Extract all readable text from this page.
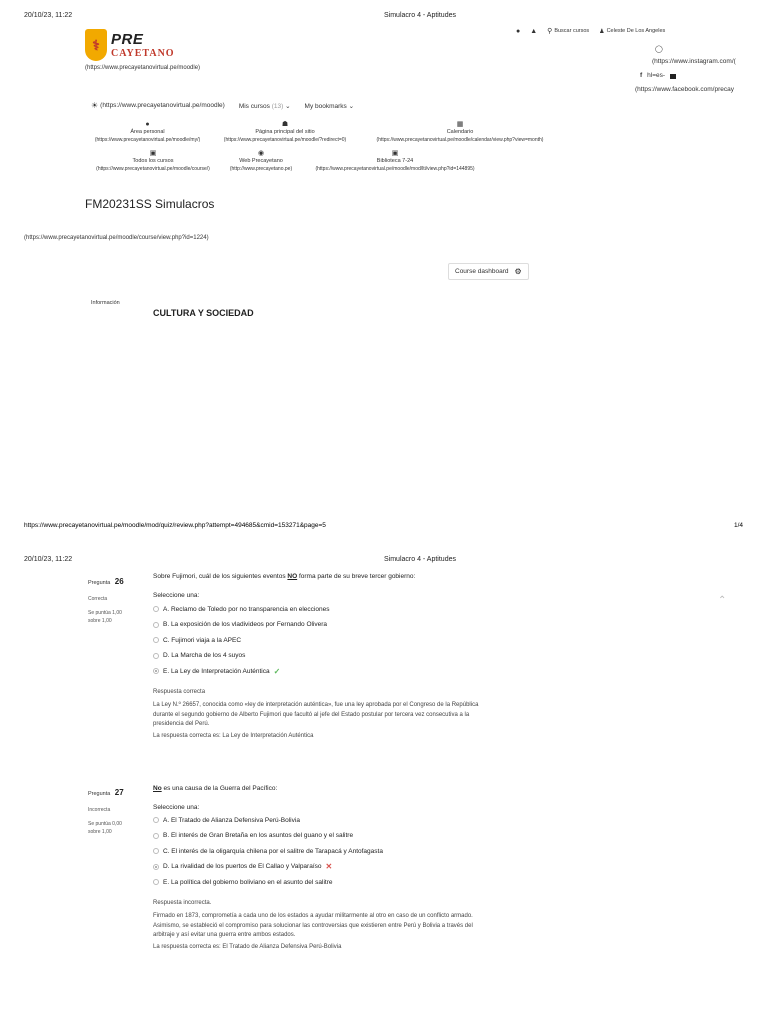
20/10/23, 11:22	Simulacro 4 - Aptitudes
● ▲ ⚲ Buscar cursos ♟ Celeste De Los Angeles
◯
(https://www.instagram.com/(
f hl=es-
(https://www.facebook.com/precay
⚕ PRE
CAYETANO
(https://www.precayetanovirtual.pe/moodle)
☀ (https://www.precayetanovirtual.pe/moodle) Mis cursos (13) ⌄ My bookmarks ⌄
●
Área personal
(https://www.precayetanovirtual.pe/moodle/my/)
☗
Página principal del sitio
(https://www.precayetanovirtual.pe/moodle/?redirect=0)
▦
Calendario
(https://www.precayetanovirtual.pe/moodle/calendar/view.php?view=month)
▣
Todos los cursos
(https://www.precayetanovirtual.pe/moodle/course/)
◉
Web Precayetano
(http://www.precayetano.pe)
▣
Biblioteca 7-24
(https://www.precayetanovirtual.pe/moodle/mod/lti/view.php?id=144895)
FM20231SS Simulacros
(https://www.precayetanovirtual.pe/moodle/course/view.php?id=1224)
Course dashboard ⚙
Información
CULTURA Y SOCIEDAD
https://www.precayetanovirtual.pe/moodle/mod/quiz/review.php?attempt=494685&cmid=153271&page=5	1/4
20/10/23, 11:22	Simulacro 4 - Aptitudes
⌃
Pregunta 26
Correcta
Se puntúa 1,00
sobre 1,00
Sobre Fujimori, cuál de los siguientes eventos NO forma parte de su breve tercer gobierno:
Seleccione una:
A. Reclamo de Toledo por no transparencia en elecciones
B. La exposición de los vladivideos por Fernando Olivera
C. Fujimori viaja a la APEC
D. La Marcha de los 4 suyos
E. La Ley de Interpretación Auténtica ✓
Respuesta correcta
La Ley N.º 26657, conocida como «ley de interpretación auténtica», fue una ley aprobada por el Congreso de la República
durante el segundo gobierno de Alberto Fujimori que facultó al jefe del Estado postular por tercera vez consecutiva a la
presidencia del Perú.
La respuesta correcta es: La Ley de Interpretación Auténtica
Pregunta 27
Incorrecta
Se puntúa 0,00
sobre 1,00
No es una causa de la Guerra del Pacífico:
Seleccione una:
A. El Tratado de Alianza Defensiva Perú-Bolivia
B. El interés de Gran Bretaña en los asuntos del guano y el salitre
C. El interés de la oligarquía chilena por el salitre de Tarapacá y Antofagasta
D. La rivalidad de los puertos de El Callao y Valparaíso ✕
E. La política del gobierno boliviano en el asunto del salitre
Respuesta incorrecta.
Firmado en 1873, comprometía a cada uno de los estados a ayudar militarmente al otro en caso de un conflicto armado.
Asimismo, se estableció el compromiso para solucionar las controversias que existieren entre Perú y Bolivia a través del
arbitraje y así evitar una guerra entre ambos estados.
La respuesta correcta es: El Tratado de Alianza Defensiva Perú-Bolivia
